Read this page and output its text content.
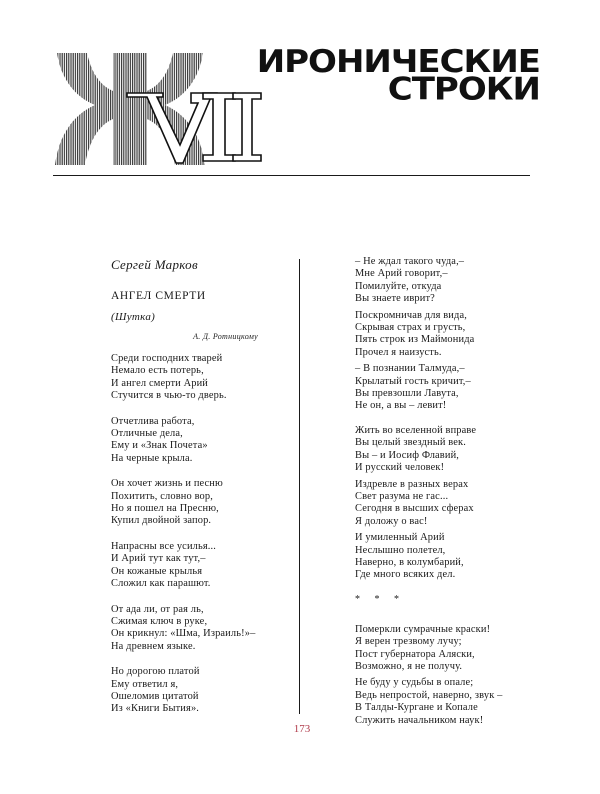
ИРОНИЧЕСКИЕ
СТРОКИ

Сергей Марков

АНГЕЛ СМЕРТИ

(Шутка)

А. Д. Ротницкому

Среди господних тварей
Немало есть потерь,
И ангел смерти Арий
Стучится в чью-то дверь.
Отчетлива работа,
Отличные дела,
Ему и «Знак Почета»
На черные крыла.
Он хочет жизнь и песню
Похитить, словно вор,
Но я пошел на Пресню,
Купил двойной запор.
Напрасны все усилья...
И Арий тут как тут,–
Он кожаные крылья
Сложил как парашют.
От ада ли, от рая ль,
Сжимая ключ в руке,
Он крикнул: «Шма, Израиль!»–
На древнем языке.
Но дорогою платой
Ему ответил я,
Ошеломив цитатой
Из «Книги Бытия».
– Не ждал такого чуда,–
Мне Арий говорит,–
Помилуйте, откуда
Вы знаете иврит?
Поскромничав для вида,
Скрывая страх и грусть,
Пять строк из Маймонида
Прочел я наизусть.
– В познании Талмуда,–
Крылатый гость кричит,–
Вы превзошли Лавута,
Не он, а вы – левит!
Жить во вселенной вправе
Вы целый звездный век.
Вы – и Иосиф Флавий,
И русский человек!
Издревле в разных верах
Свет разума не гас...
Сегодня в высших сферах
Я доложу о вас!
И умиленный Арий
Неслышно полетел,
Наверно, в колумбарий,
Где много всяких дел.

* * *

Померкли сумрачные краски!
Я верен трезвому лучу;
Пост губернатора Аляски,
Возможно, я не получу.
Не буду у судьбы в опале;
Ведь непростой, наверно, звук –
В Талды-Кургане и Копале
Служить начальником наук!
173
